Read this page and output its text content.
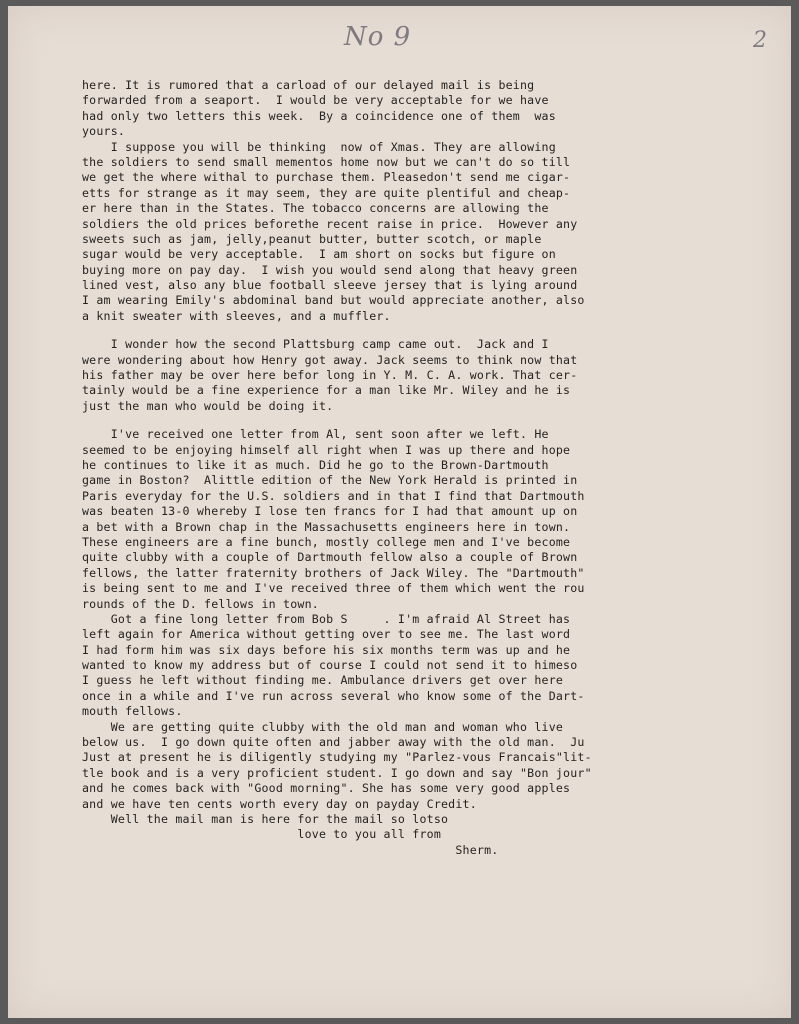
No 9	2
here. It is rumored that a carload of our delayed mail is being
forwarded from a seaport.  I would be very acceptable for we have
had only two letters this week.  By a coincidence one of them  was
yours.
I suppose you will be thinking  now of Xmas. They are allowing
the soldiers to send small mementos home now but we can't do so till
we get the where withal to purchase them. Pleasedon't send me cigar-
etts for strange as it may seem, they are quite plentiful and cheap-
er here than in the States. The tobacco concerns are allowing the
soldiers the old prices beforethe recent raise in price.  However any
sweets such as jam, jelly,peanut butter, butter scotch, or maple
sugar would be very acceptable.  I am short on socks but figure on
buying more on pay day.  I wish you would send along that heavy green
lined vest, also any blue football sleeve jersey that is lying around
I am wearing Emily's abdominal band but would appreciate another, also
a knit sweater with sleeves, and a muffler.
I wonder how the second Plattsburg camp came out.  Jack and I
were wondering about how Henry got away. Jack seems to think now that
his father may be over here befor long in Y. M. C. A. work. That cer-
tainly would be a fine experience for a man like Mr. Wiley and he is
just the man who would be doing it.
I've received one letter from Al, sent soon after we left. He
seemed to be enjoying himself all right when I was up there and hope
he continues to like it as much. Did he go to the Brown-Dartmouth
game in Boston?  Alittle edition of the New York Herald is printed in
Paris everyday for the U.S. soldiers and in that I find that Dartmouth
was beaten 13-0 whereby I lose ten francs for I had that amount up on
a bet with a Brown chap in the Massachusetts engineers here in town.
These engineers are a fine bunch, mostly college men and I've become
quite clubby with a couple of Dartmouth fellow also a couple of Brown
fellows, the latter fraternity brothers of Jack Wiley. The "Dartmouth"
is being sent to me and I've received three of them which went the rou
rounds of the D. fellows in town.
Got a fine long letter from Bob S     . I'm afraid Al Street has
left again for America without getting over to see me. The last word
I had form him was six days before his six months term was up and he
wanted to know my address but of course I could not send it to himeso
I guess he left without finding me. Ambulance drivers get over here
once in a while and I've run across several who know some of the Dart-
mouth fellows.
We are getting quite clubby with the old man and woman who live
below us.  I go down quite often and jabber away with the old man.  Ju
Just at present he is diligently studying my "Parlez-vous Francais"lit-
tle book and is a very proficient student. I go down and say "Bon jour"
and he comes back with "Good morning". She has some very good apples
and we have ten cents worth every day on payday Credit.
Well the mail man is here for the mail so lotso
love to you all from
Sherm.
